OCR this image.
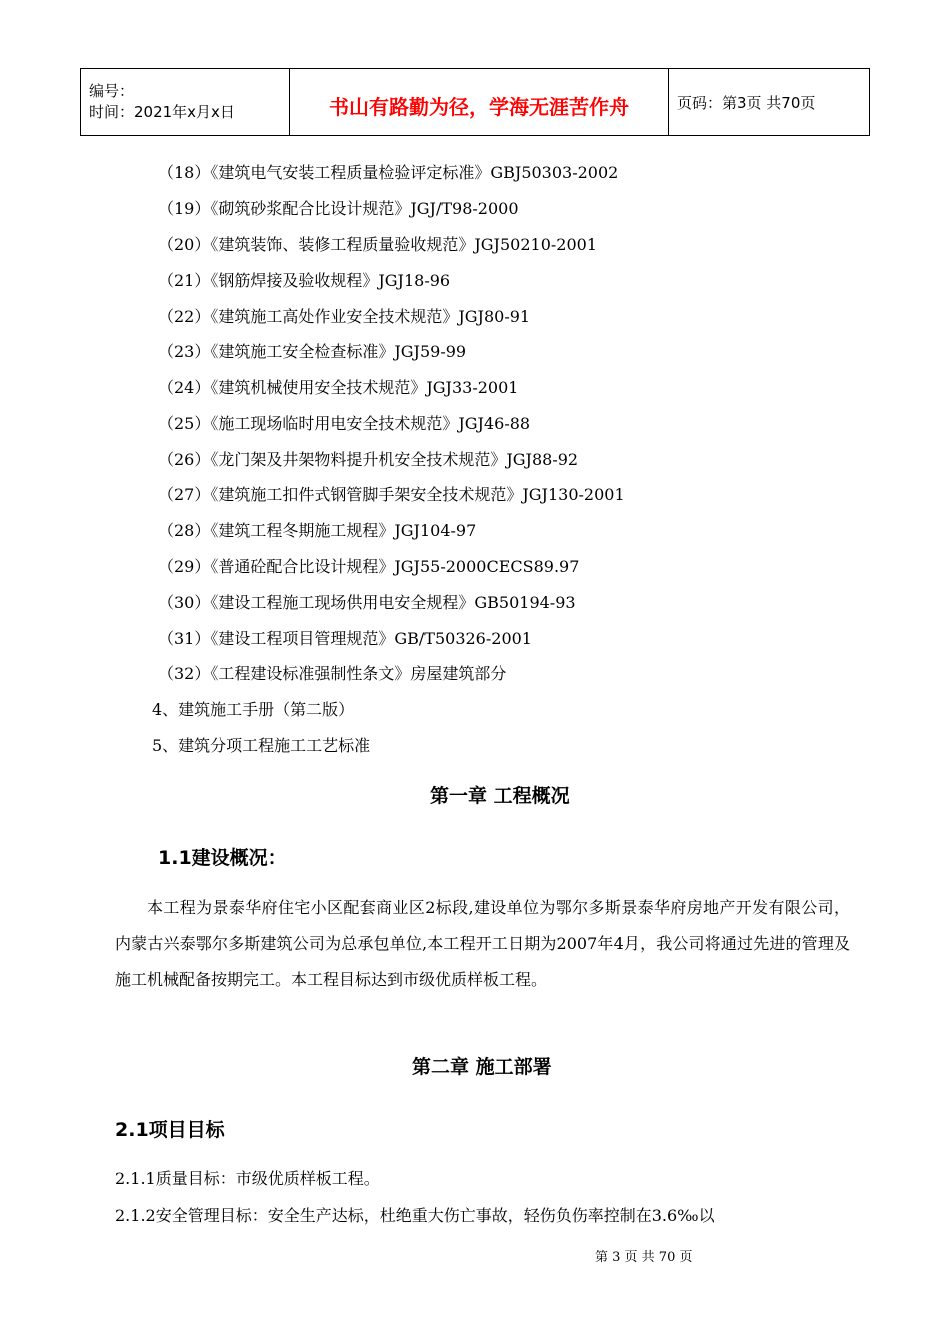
编号：
时间：2021年x月x日	书山有路勤为径，学海无涯苦作舟	页码：第3页 共70页
（18）《建筑电气安装工程质量检验评定标准》GBJ50303-2002
（19）《砌筑砂浆配合比设计规范》JGJ/T98-2000
（20）《建筑装饰、装修工程质量验收规范》JGJ50210-2001
（21）《钢筋焊接及验收规程》JGJ18-96
（22）《建筑施工高处作业安全技术规范》JGJ80-91
（23）《建筑施工安全检查标准》JGJ59-99
（24）《建筑机械使用安全技术规范》JGJ33-2001
（25）《施工现场临时用电安全技术规范》JGJ46-88
（26）《龙门架及井架物料提升机安全技术规范》JGJ88-92
（27）《建筑施工扣件式钢管脚手架安全技术规范》JGJ130-2001
（28）《建筑工程冬期施工规程》JGJ104-97
（29）《普通砼配合比设计规程》JGJ55-2000CECS89.97
（30）《建设工程施工现场供用电安全规程》GB50194-93
（31）《建设工程项目管理规范》GB/T50326-2001
（32）《工程建设标准强制性条文》房屋建筑部分
4、建筑施工手册（第二版）
5、建筑分项工程施工工艺标准
第一章 工程概况
1.1建设概况：
本工程为景泰华府住宅小区配套商业区2标段,建设单位为鄂尔多斯景泰华府房地产开发有限公司，内蒙古兴泰鄂尔多斯建筑公司为总承包单位,本工程开工日期为2007年4月，我公司将通过先进的管理及施工机械配备按期完工。本工程目标达到市级优质样板工程。
第二章 施工部署
2.1项目目标
2.1.1质量目标：市级优质样板工程。
2.1.2安全管理目标：安全生产达标，杜绝重大伤亡事故，轻伤负伤率控制在3.6‰以
第 3 页 共 70 页
